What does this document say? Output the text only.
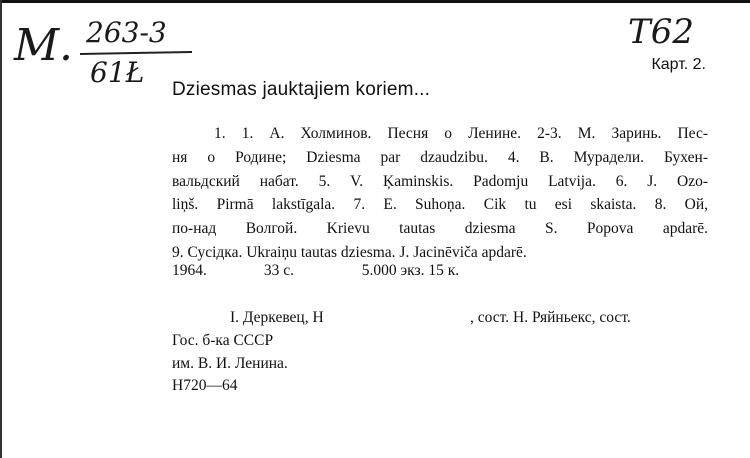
M. 263-3
61Ł
Т62
Карт. 2.
Dziesmas jauktajiem koriem...
1. 1. А. Холминов. Песня о Ленине. 2-3. М. Заринь. Пес-
ня о Родине; Dziesma par dzaudzibu. 4. В. Мурадели. Бухен-
вальдский набат. 5. V. Ķaminskis. Padomju Latvija. 6. J. Ozo-
liņš. Pirmā lakstīgala. 7. E. Suhoņa. Cik tu esi skaista. 8. Ой,
по-над Волгой. Krievu tautas dziesma S. Popova apdarē.
9. Сусiдка. Ukraiņu tautas dziesma. J. Jacinēviča apdarē.
1964.	33 с.	5.000 экз. 15 к.
I. Деркевец, Н	, сост. Н. Ряйньекс, сост.
Гос. б-ка СССР
им. В. И. Ленина.
Н720—64
